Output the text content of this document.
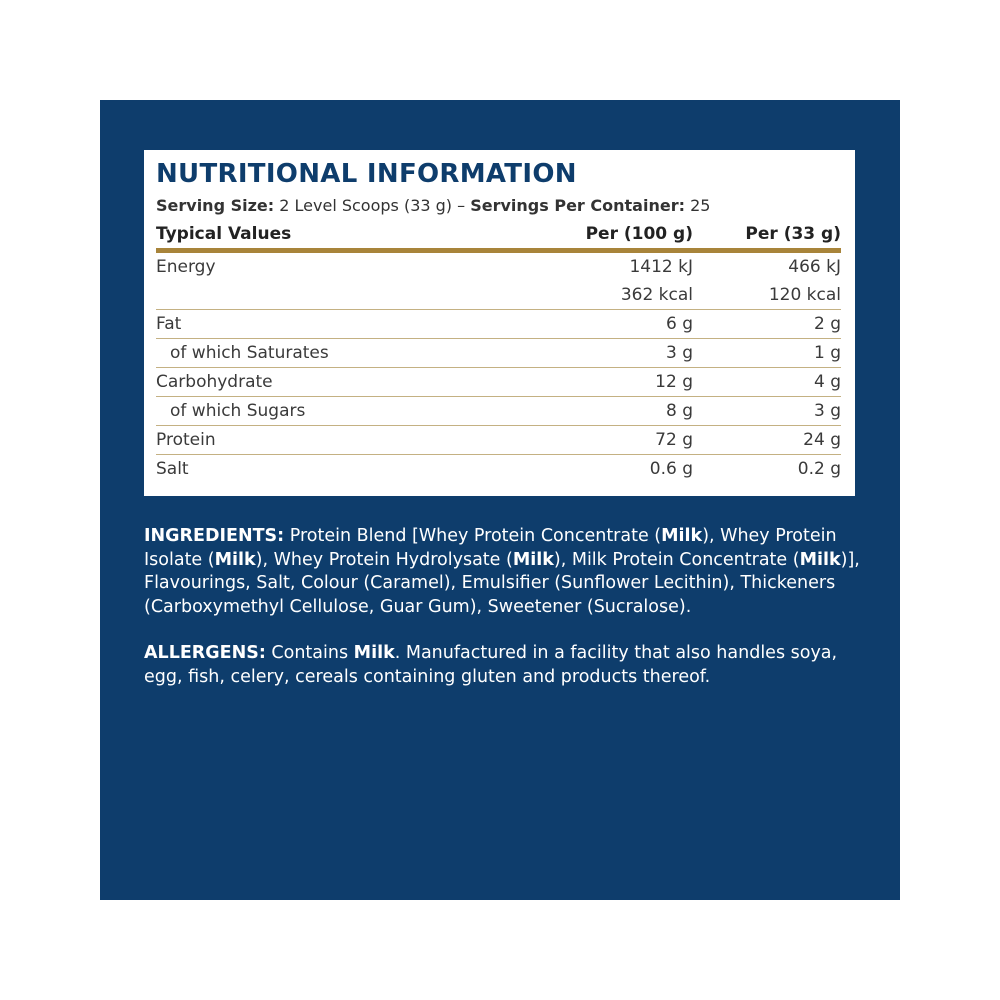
NUTRITIONAL INFORMATION
Serving Size: 2 Level Scoops (33 g) – Servings Per Container: 25
Typical Values	Per (100 g)	Per (33 g)
Energy	1412 kJ	466 kJ
	362 kcal	120 kcal
Fat	6 g	2 g
of which Saturates	3 g	1 g
Carbohydrate	12 g	4 g
of which Sugars	8 g	3 g
Protein	72 g	24 g
Salt	0.6 g	0.2 g
INGREDIENTS: Protein Blend [Whey Protein Concentrate (Milk), Whey Protein Isolate (Milk), Whey Protein Hydrolysate (Milk), Milk Protein Concentrate (Milk)], Flavourings, Salt, Colour (Caramel), Emulsifier (Sunflower Lecithin), Thickeners (Carboxymethyl Cellulose, Guar Gum), Sweetener (Sucralose).
ALLERGENS: Contains Milk. Manufactured in a facility that also handles soya, egg, fish, celery, cereals containing gluten and products thereof.
